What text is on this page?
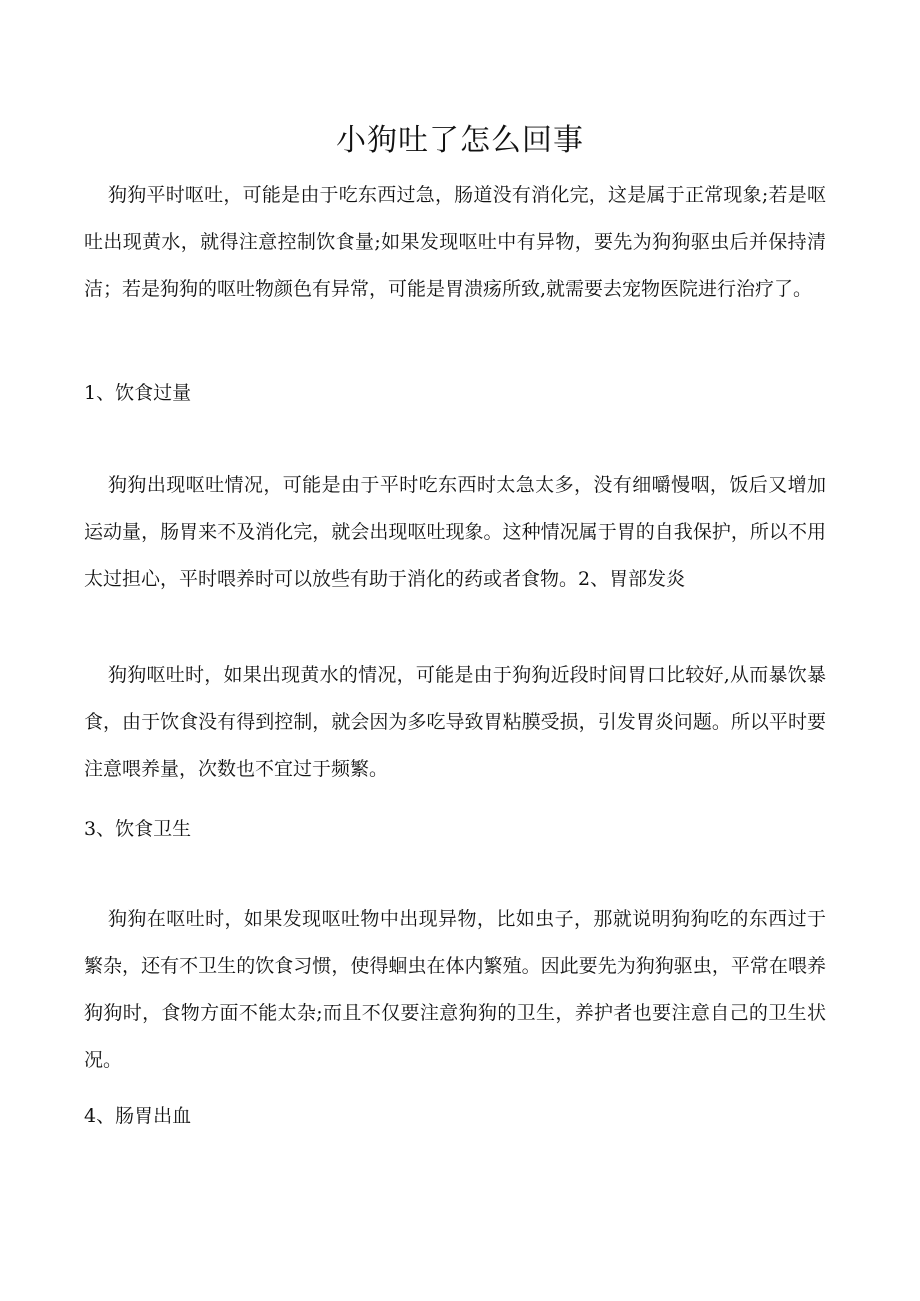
小狗吐了怎么回事

狗狗平时呕吐，可能是由于吃东西过急，肠道没有消化完，这是属于正常现象;若是呕吐出现黄水，就得注意控制饮食量;如果发现呕吐中有异物，要先为狗狗驱虫后并保持清洁；若是狗狗的呕吐物颜色有异常，可能是胃溃疡所致,就需要去宠物医院进行治疗了。

1、饮食过量

狗狗出现呕吐情况，可能是由于平时吃东西时太急太多，没有细嚼慢咽，饭后又增加运动量，肠胃来不及消化完，就会出现呕吐现象。这种情况属于胃的自我保护，所以不用太过担心，平时喂养时可以放些有助于消化的药或者食物。2、胃部发炎

狗狗呕吐时，如果出现黄水的情况，可能是由于狗狗近段时间胃口比较好,从而暴饮暴食，由于饮食没有得到控制，就会因为多吃导致胃粘膜受损，引发胃炎问题。所以平时要注意喂养量，次数也不宜过于频繁。

3、饮食卫生

狗狗在呕吐时，如果发现呕吐物中出现异物，比如虫子，那就说明狗狗吃的东西过于繁杂，还有不卫生的饮食习惯，使得蛔虫在体内繁殖。因此要先为狗狗驱虫，平常在喂养狗狗时，食物方面不能太杂;而且不仅要注意狗狗的卫生，养护者也要注意自己的卫生状况。

4、肠胃出血
